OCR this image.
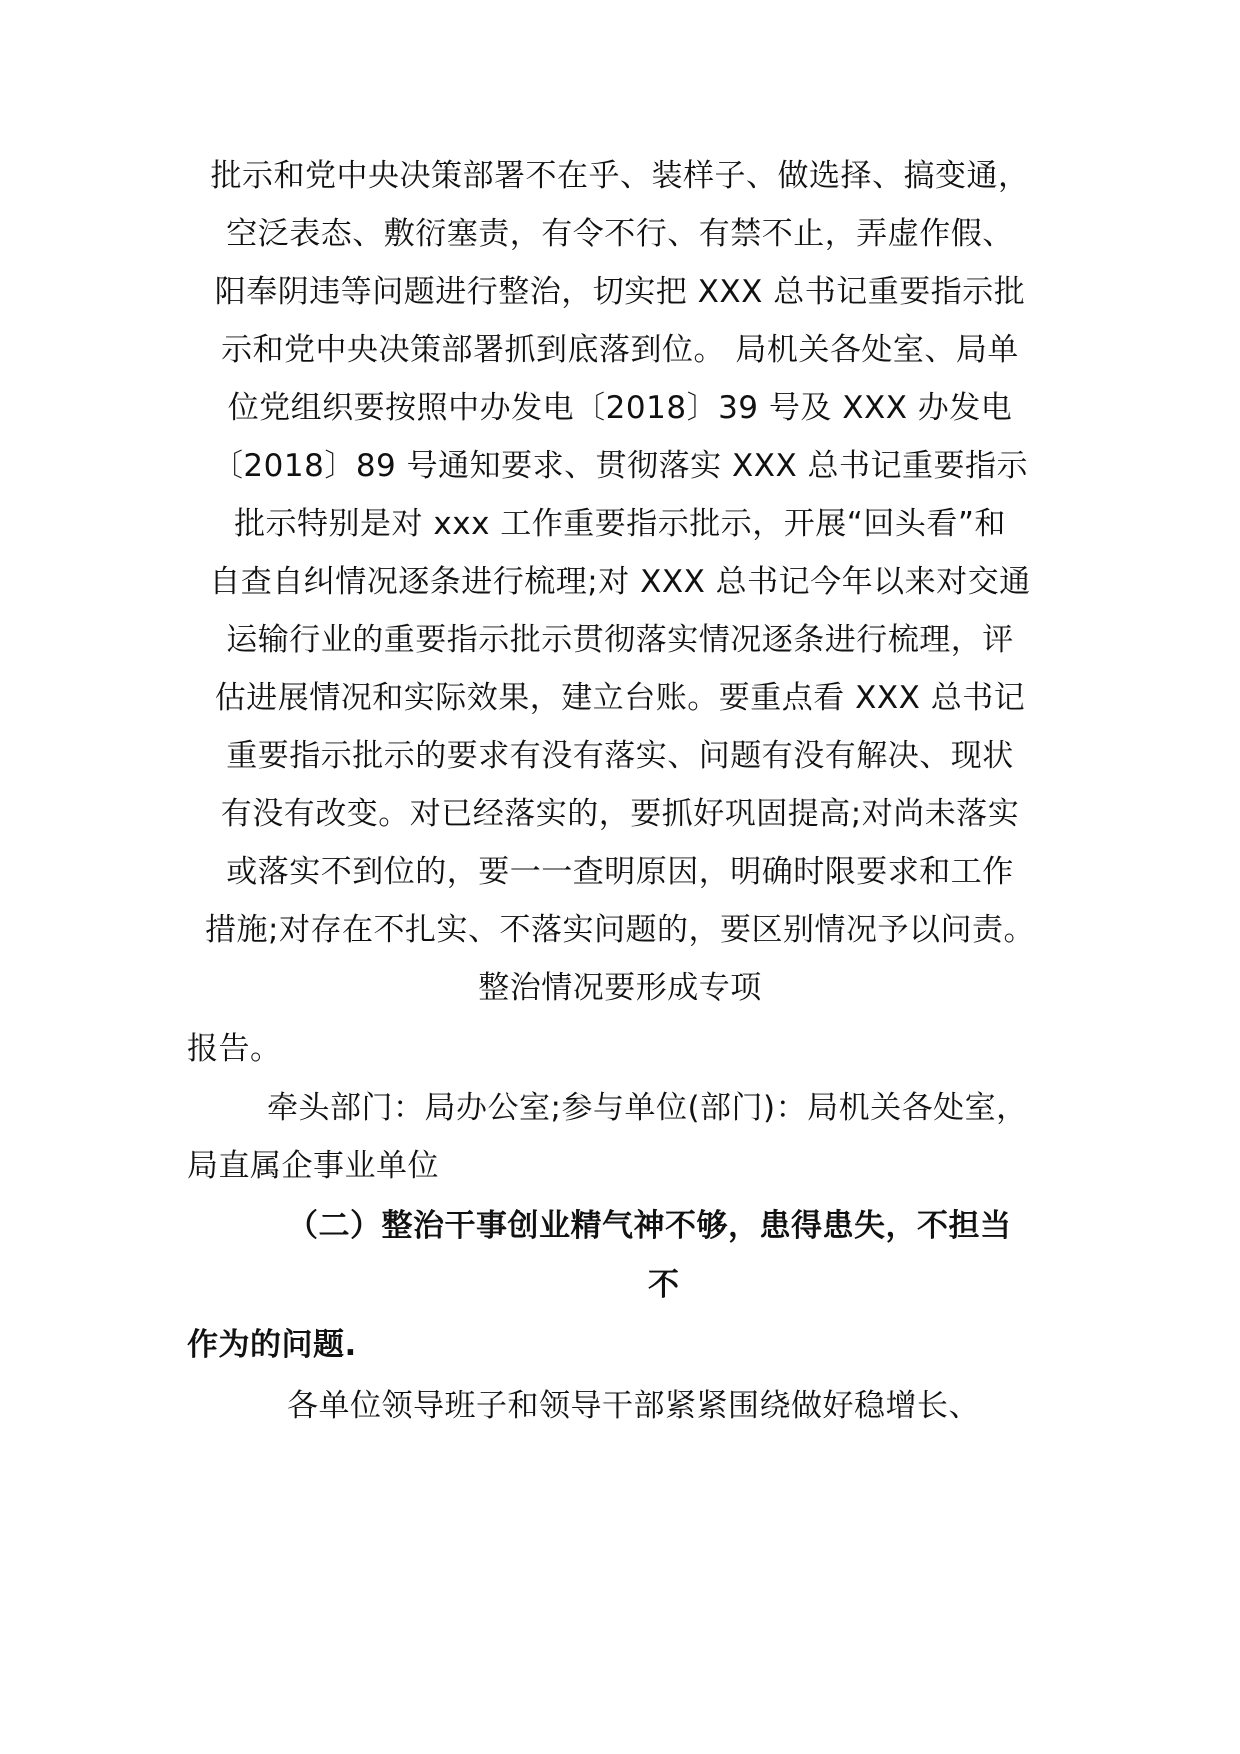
批示和党中央决策部署不在乎、装样子、做选择、搞变通，
空泛表态、敷衍塞责，有令不行、有禁不止，弄虚作假、
阳奉阴违等问题进行整治，切实把 XXX 总书记重要指示批
示和党中央决策部署抓到底落到位。 局机关各处室、局单
位党组织要按照中办发电〔2018〕39 号及 XXX 办发电
〔2018〕89 号通知要求、贯彻落实 XXX 总书记重要指示
批示特别是对 xxx 工作重要指示批示，开展“回头看”和
自查自纠情况逐条进行梳理;对 XXX 总书记今年以来对交通
运输行业的重要指示批示贯彻落实情况逐条进行梳理，评
估进展情况和实际效果，建立台账。要重点看 XXX 总书记
重要指示批示的要求有没有落实、问题有没有解决、现状
有没有改变。对已经落实的，要抓好巩固提高;对尚未落实
或落实不到位的，要一一查明原因，明确时限要求和工作
措施;对存在不扎实、不落实问题的，要区别情况予以问责。
整治情况要形成专项
报告。
牵头部门：局办公室;参与单位(部门)：局机关各处室，
局直属企事业单位
（二）整治干事创业精气神不够，患得患失，不担当
不
作为的问题.
各单位领导班子和领导干部紧紧围绕做好稳增长、
